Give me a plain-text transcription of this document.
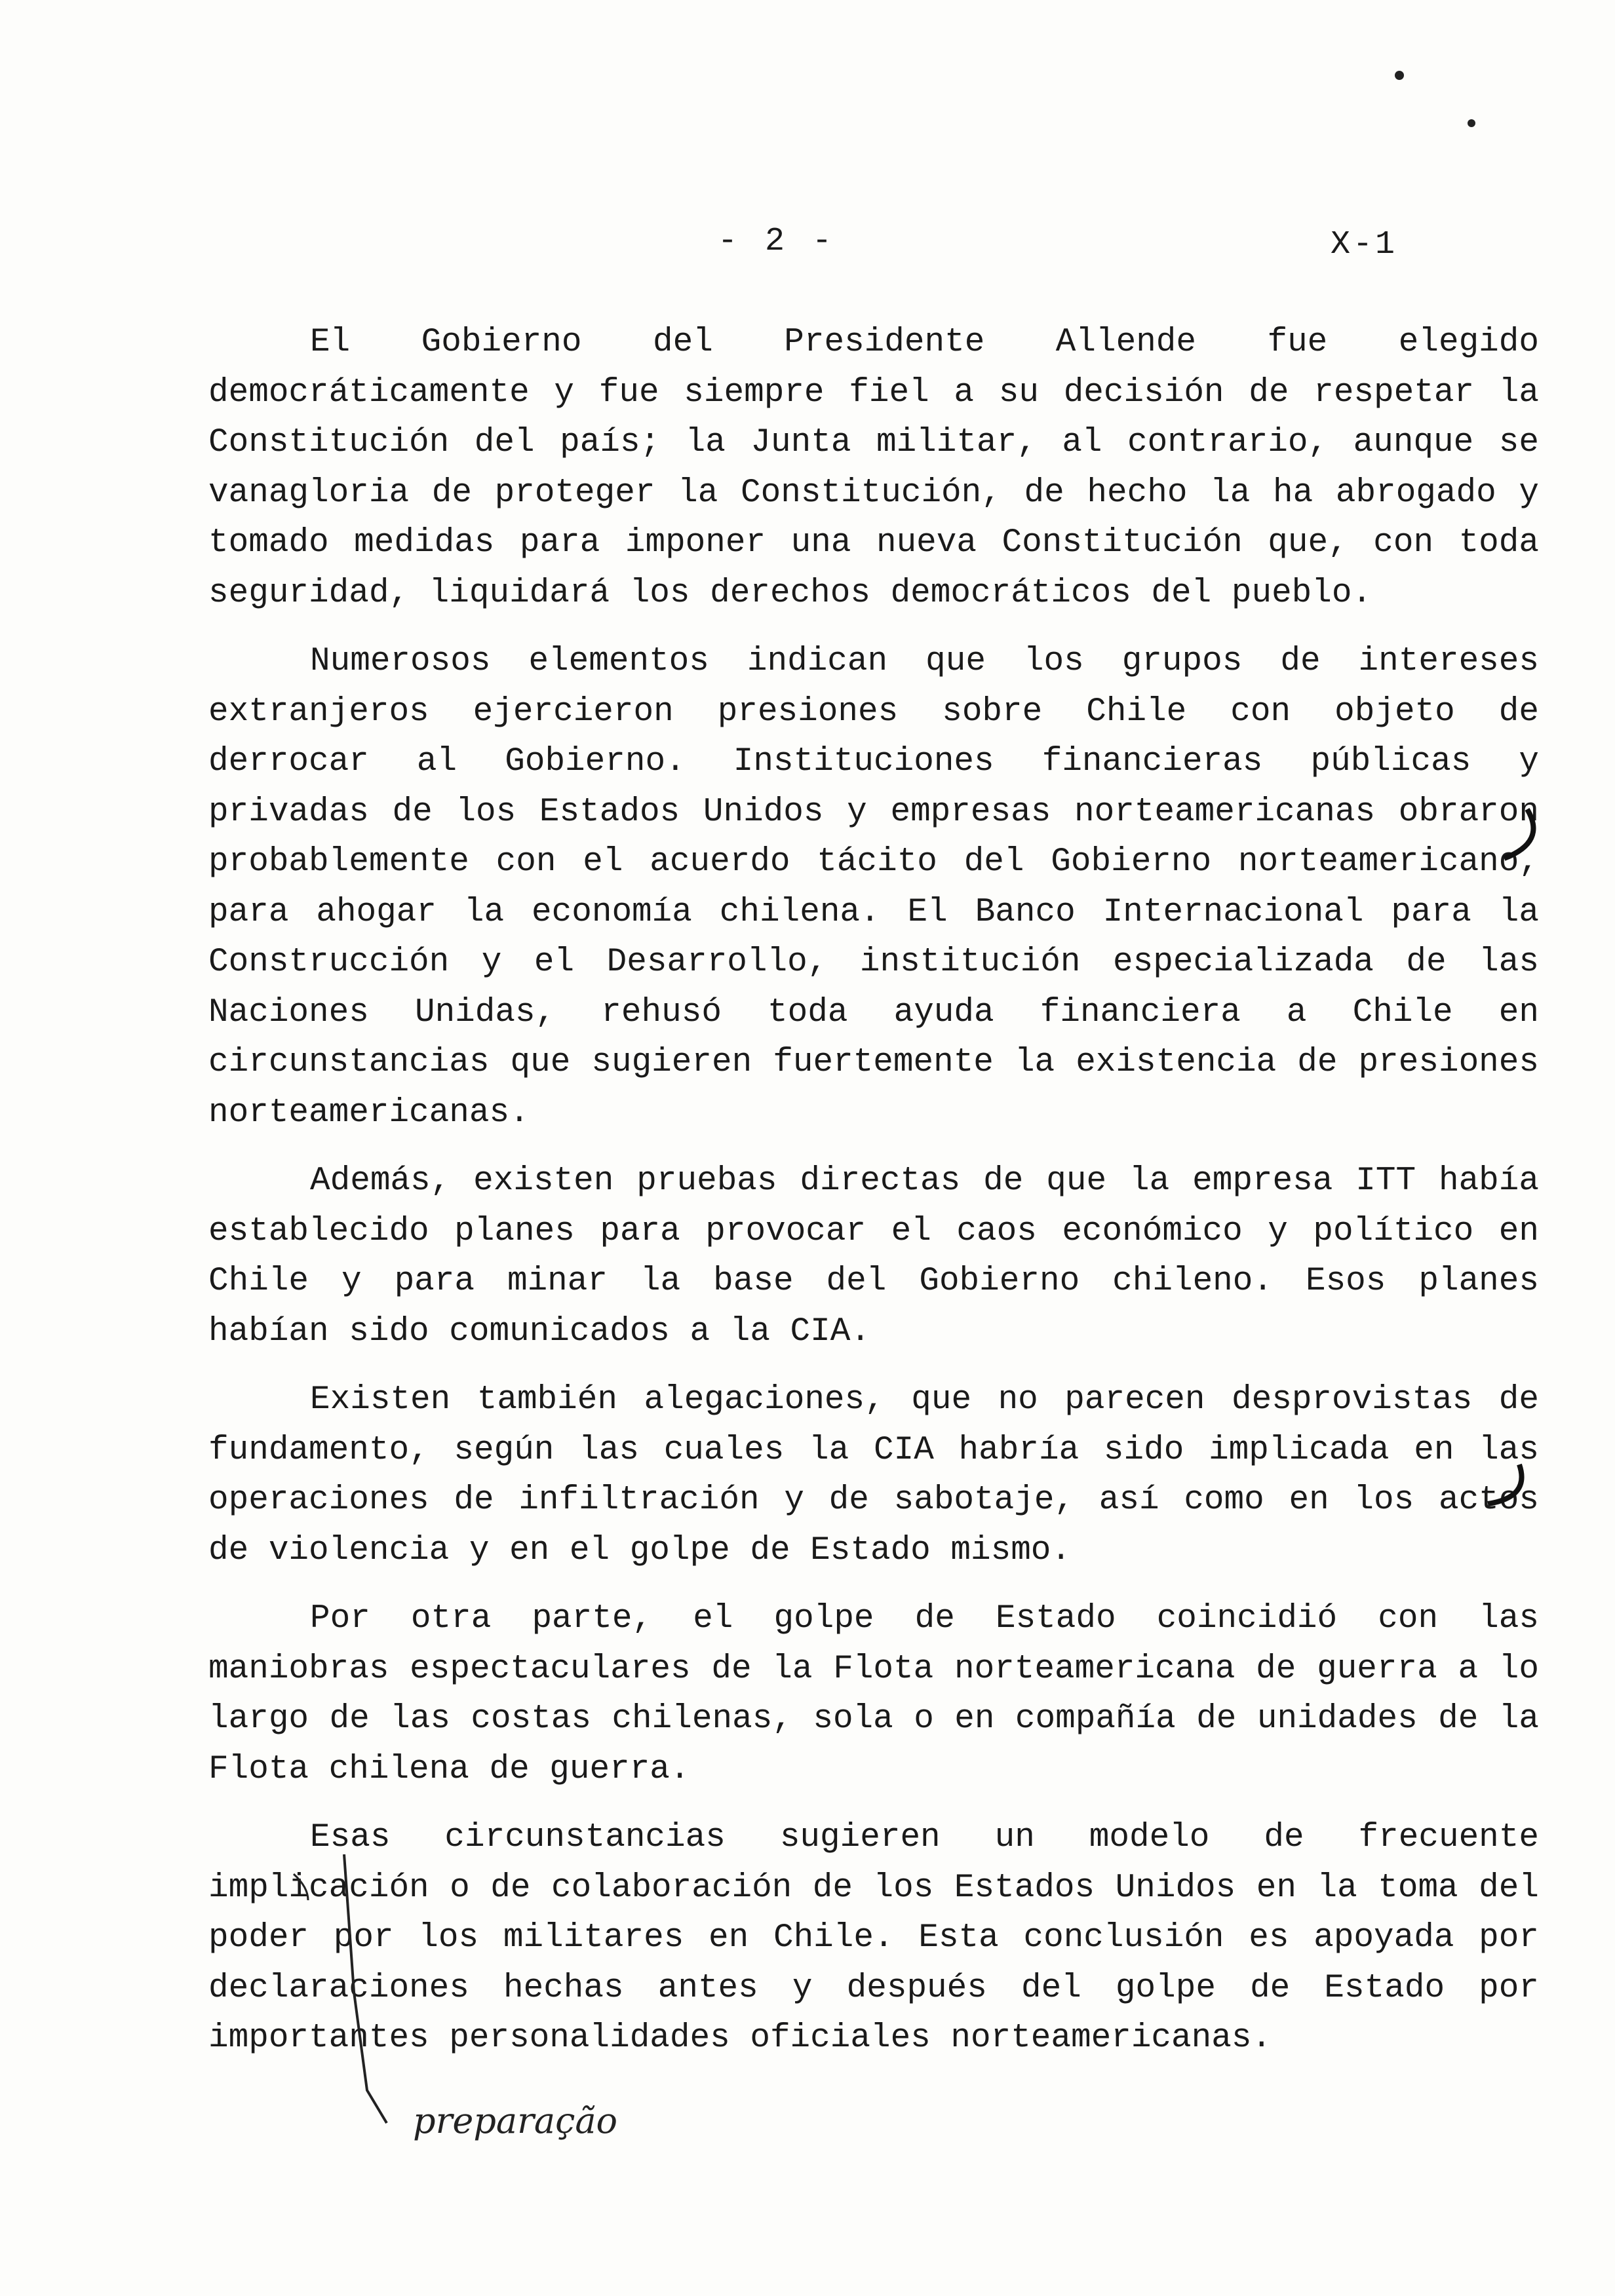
- 2 -	X-1

El Gobierno del Presidente Allende fue elegido democráticamente y fue siempre fiel a su decisión de respetar la Constitución del país; la Junta militar, al contrario, aunque se vanagloria de proteger la Constitución, de hecho la ha abrogado y tomado medidas para imponer una nueva Constitución que, con toda seguridad, liquidará los derechos democráticos del pueblo.

Numerosos elementos indican que los grupos de intereses extranjeros ejercieron presiones sobre Chile con objeto de derrocar al Gobierno. Instituciones financieras públicas y privadas de los Estados Unidos y empresas norteamericanas obraron probablemente con el acuerdo tácito del Gobierno norteamericano, para ahogar la economía chilena. El Banco Internacional para la Construcción y el Desarrollo, institución especializada de las Naciones Unidas, rehusó toda ayuda financiera a Chile en circunstancias que sugieren fuertemente la existencia de presiones norteamericanas.

Además, existen pruebas directas de que la empresa ITT había establecido planes para provocar el caos económico y político en Chile y para minar la base del Gobierno chileno. Esos planes habían sido comunicados a la CIA.

Existen también alegaciones, que no parecen desprovistas de fundamento, según las cuales la CIA habría sido implicada en las operaciones de infiltración y de sabotaje, así como en los actos de violencia y en el golpe de Estado mismo.

Por otra parte, el golpe de Estado coincidió con las maniobras espectaculares de la Flota norteamericana de guerra a lo largo de las costas chilenas, sola o en compañía de unidades de la Flota chilena de guerra.

Esas circunstancias sugieren un modelo de frecuente implicación o de colaboración de los Estados Unidos en la toma del poder por los militares en Chile. Esta conclusión es apoyada por declaraciones hechas antes y después del golpe de Estado por importantes personalidades oficiales norteamericanas.

preparação
